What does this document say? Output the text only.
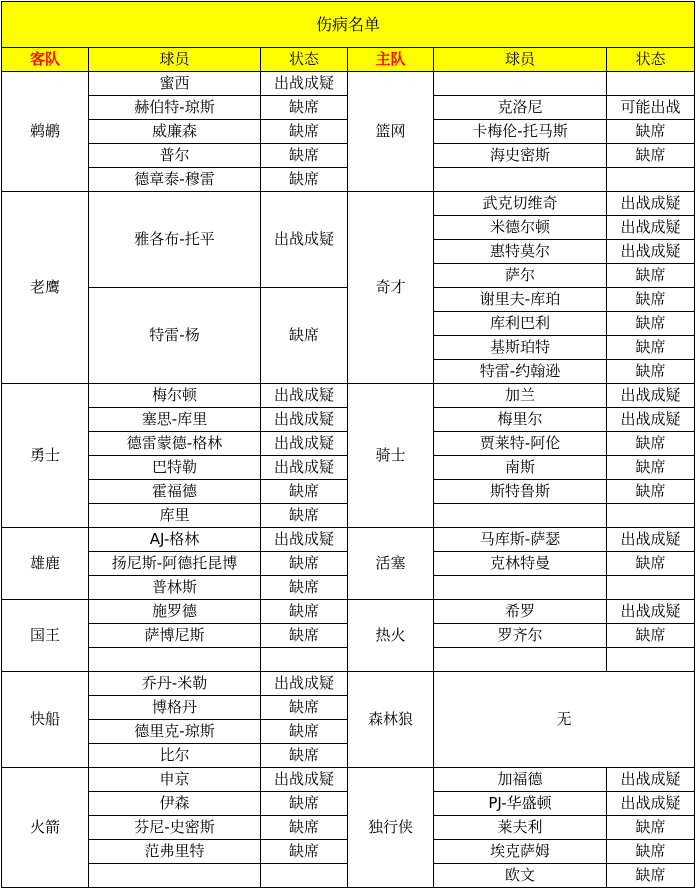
伤病名单					
客队	球员	状态	主队	球员	状态
鹈鹕	蜜西	出战成疑	篮网		
	赫伯特-琼斯	缺席		克洛尼	可能出战
	威廉森	缺席		卡梅伦-托马斯	缺席
	普尔	缺席		海史密斯	缺席
	德章泰-穆雷	缺席			
老鹰	雅各布-托平	出战成疑	奇才	武克切维奇	出战成疑
				米德尔顿	出战成疑
				惠特莫尔	出战成疑
				萨尔	缺席
	特雷-杨	缺席		谢里夫-库珀	缺席
				库利巴利	缺席
				基斯珀特	缺席
				特雷-约翰逊	缺席
勇士	梅尔顿	出战成疑	骑士	加兰	出战成疑
	塞思-库里	出战成疑		梅里尔	出战成疑
	德雷蒙德-格林	出战成疑		贾莱特-阿伦	缺席
	巴特勒	出战成疑		南斯	缺席
	霍福德	缺席		斯特鲁斯	缺席
	库里	缺席			
雄鹿	AJ-格林	出战成疑	活塞	马库斯-萨瑟	出战成疑
	扬尼斯-阿德托昆博	缺席		克林特曼	缺席
	普林斯	缺席			
国王	施罗德	缺席	热火	希罗	出战成疑
	萨博尼斯	缺席		罗齐尔	缺席

快船	乔丹-米勒	出战成疑	森林狼	无	
	博格丹	缺席			
	德里克-琼斯	缺席			
	比尔	缺席			
火箭	申京	出战成疑	独行侠	加福德	出战成疑
	伊森	缺席		PJ-华盛顿	出战成疑
	芬尼-史密斯	缺席		莱夫利	缺席
	范弗里特	缺席		埃克萨姆	缺席
				欧文	缺席
